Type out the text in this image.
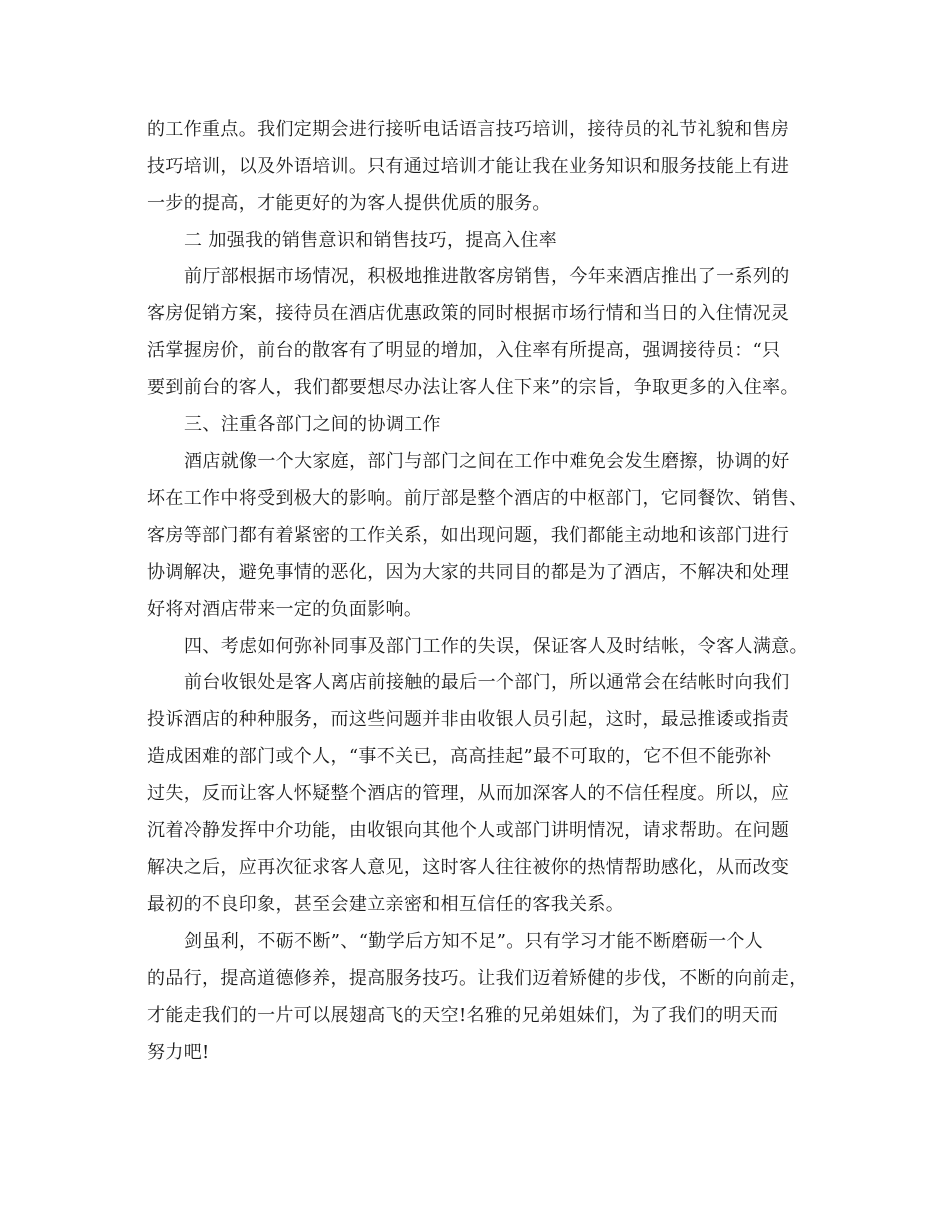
的工作重点。我们定期会进行接听电话语言技巧培训，接待员的礼节礼貌和售房
技巧培训，以及外语培训。只有通过培训才能让我在业务知识和服务技能上有进
一步的提高，才能更好的为客人提供优质的服务。
二 加强我的销售意识和销售技巧，提高入住率
前厅部根据市场情况，积极地推进散客房销售，今年来酒店推出了一系列的
客房促销方案，接待员在酒店优惠政策的同时根据市场行情和当日的入住情况灵
活掌握房价，前台的散客有了明显的增加，入住率有所提高，强调接待员：“只
要到前台的客人，我们都要想尽办法让客人住下来”的宗旨，争取更多的入住率。
三、注重各部门之间的协调工作
酒店就像一个大家庭，部门与部门之间在工作中难免会发生磨擦，协调的好
坏在工作中将受到极大的影响。前厅部是整个酒店的中枢部门，它同餐饮、销售、
客房等部门都有着紧密的工作关系，如出现问题，我们都能主动地和该部门进行
协调解决，避免事情的恶化，因为大家的共同目的都是为了酒店，不解决和处理
好将对酒店带来一定的负面影响。
四、考虑如何弥补同事及部门工作的失误，保证客人及时结帐，令客人满意。
前台收银处是客人离店前接触的最后一个部门，所以通常会在结帐时向我们
投诉酒店的种种服务，而这些问题并非由收银人员引起，这时，最忌推诿或指责
造成困难的部门或个人，“事不关已，高高挂起”最不可取的，它不但不能弥补
过失，反而让客人怀疑整个酒店的管理，从而加深客人的不信任程度。所以，应
沉着冷静发挥中介功能，由收银向其他个人或部门讲明情况，请求帮助。在问题
解决之后，应再次征求客人意见，这时客人往往被你的热情帮助感化，从而改变
最初的不良印象，甚至会建立亲密和相互信任的客我关系。
剑虽利，不砺不断”、“勤学后方知不足”。只有学习才能不断磨砺一个人
的品行，提高道德修养，提高服务技巧。让我们迈着矫健的步伐，不断的向前走，
才能走我们的一片可以展翅高飞的天空!名雅的兄弟姐妹们，为了我们的明天而
努力吧!
